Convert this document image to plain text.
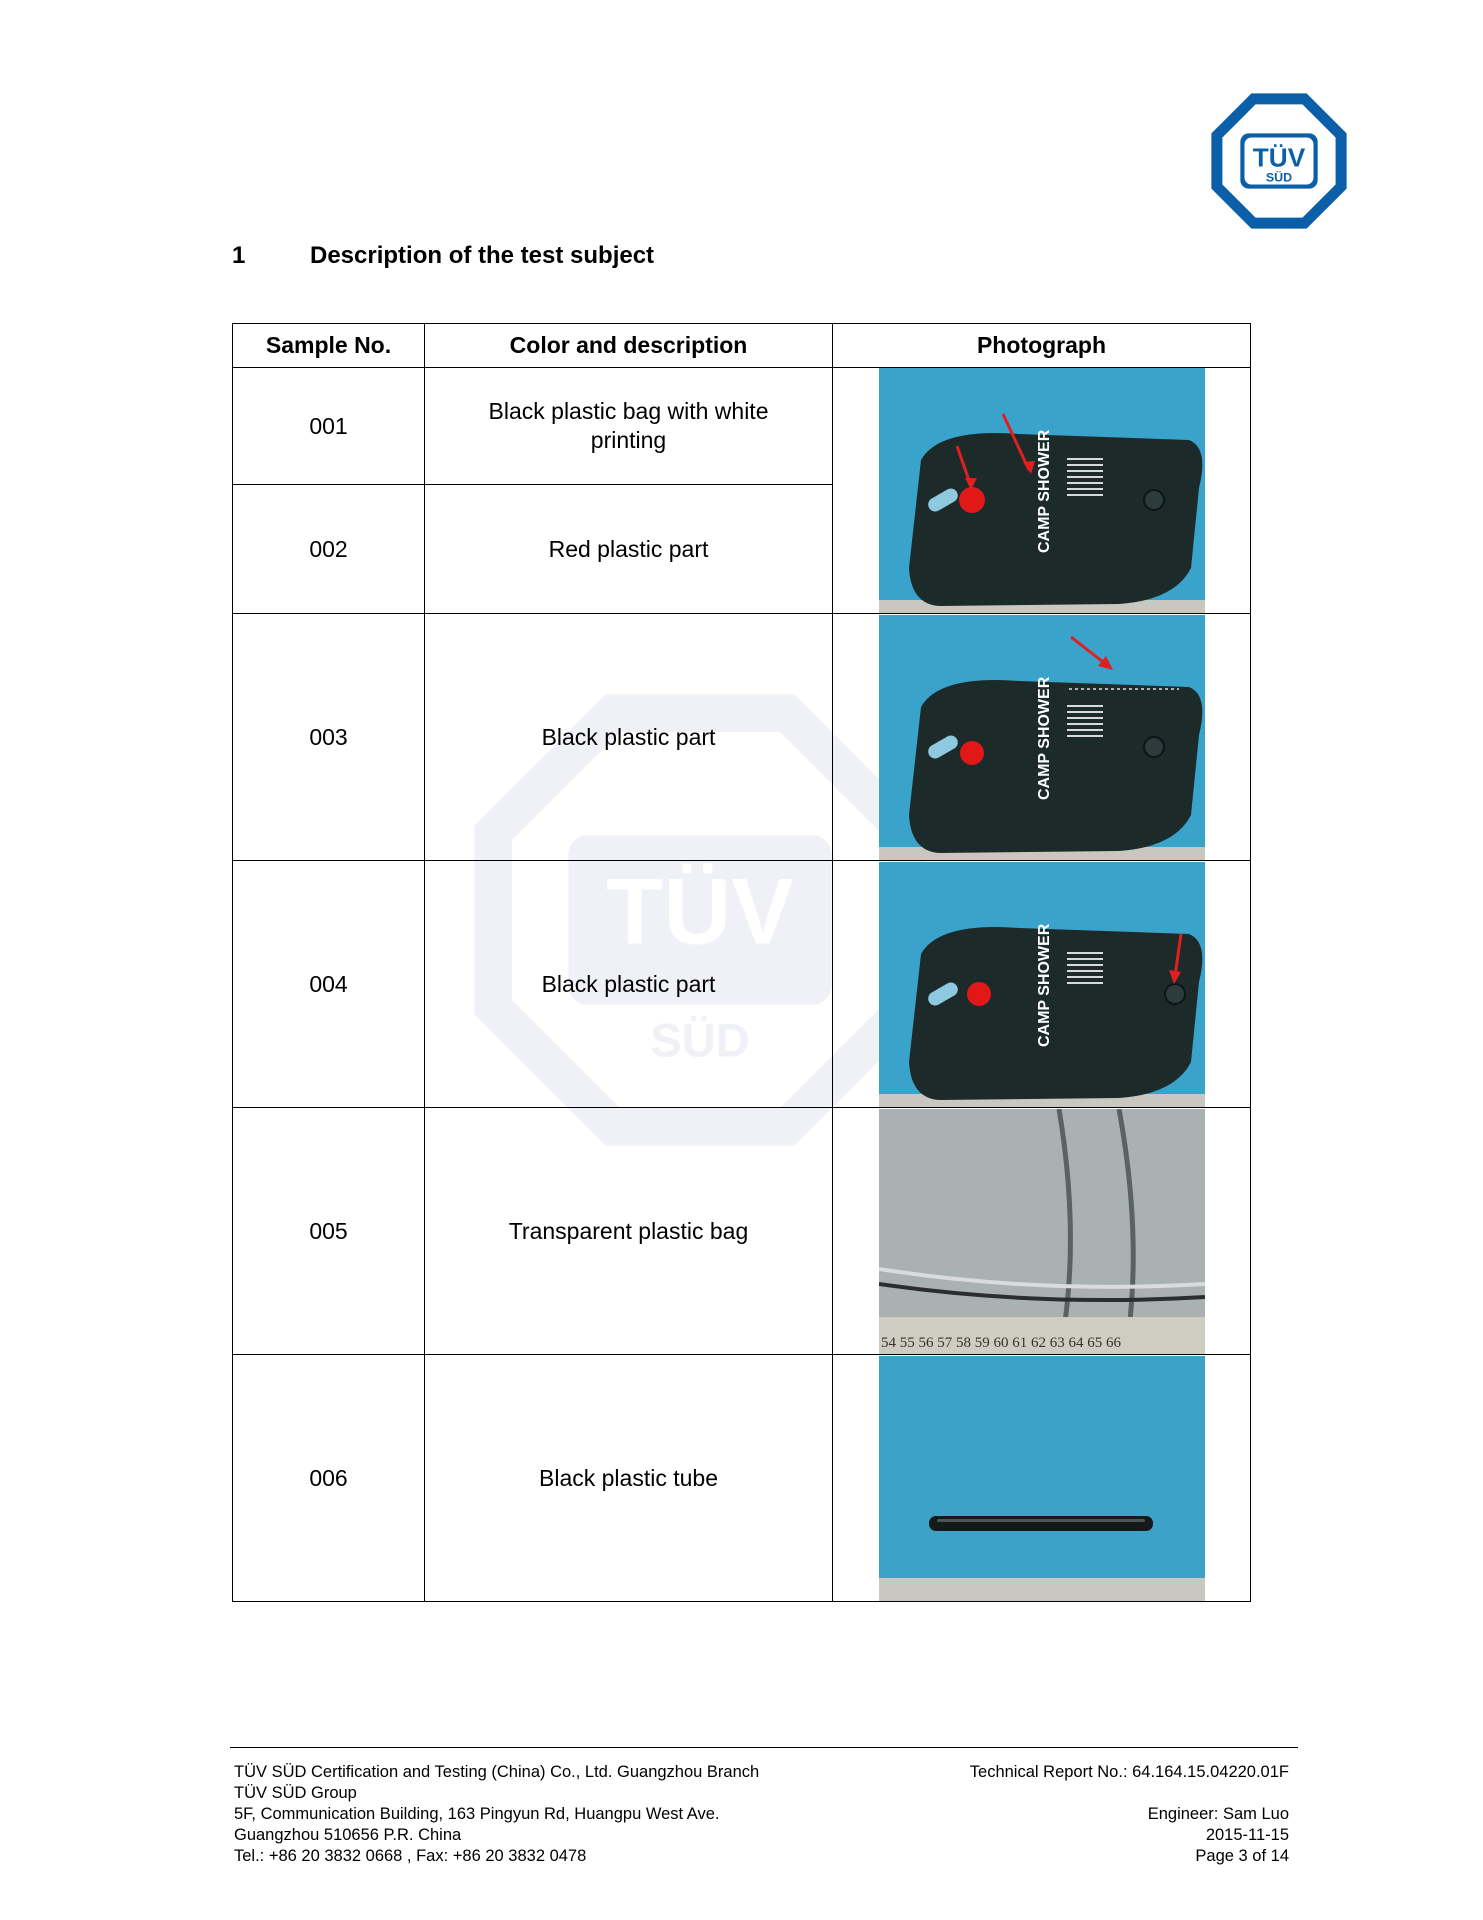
TÜV
SÜD
TÜV
SÜD
1	Description of the test subject
Sample No.	Color and description	Photograph
001	Black plastic bag with white printing	CAMP SHOWER

002	Red plastic part	
003	Black plastic part	CAMP SHOWER

004	Black plastic part	CAMP SHOWER

005	Transparent plastic bag	54 55 56 57 58 59 60 61 62 63 64 65 66

006	Black plastic tube	
TÜV SÜD Certification and Testing (China) Co., Ltd. Guangzhou Branch
TÜV SÜD Group
5F, Communication Building, 163 Pingyun Rd, Huangpu West Ave.
Guangzhou 510656 P.R. China
Tel.: +86 20 3832 0668 , Fax: +86 20 3832 0478
Technical Report No.: 64.164.15.04220.01F

Engineer: Sam Luo
2015-11-15
Page 3 of 14
